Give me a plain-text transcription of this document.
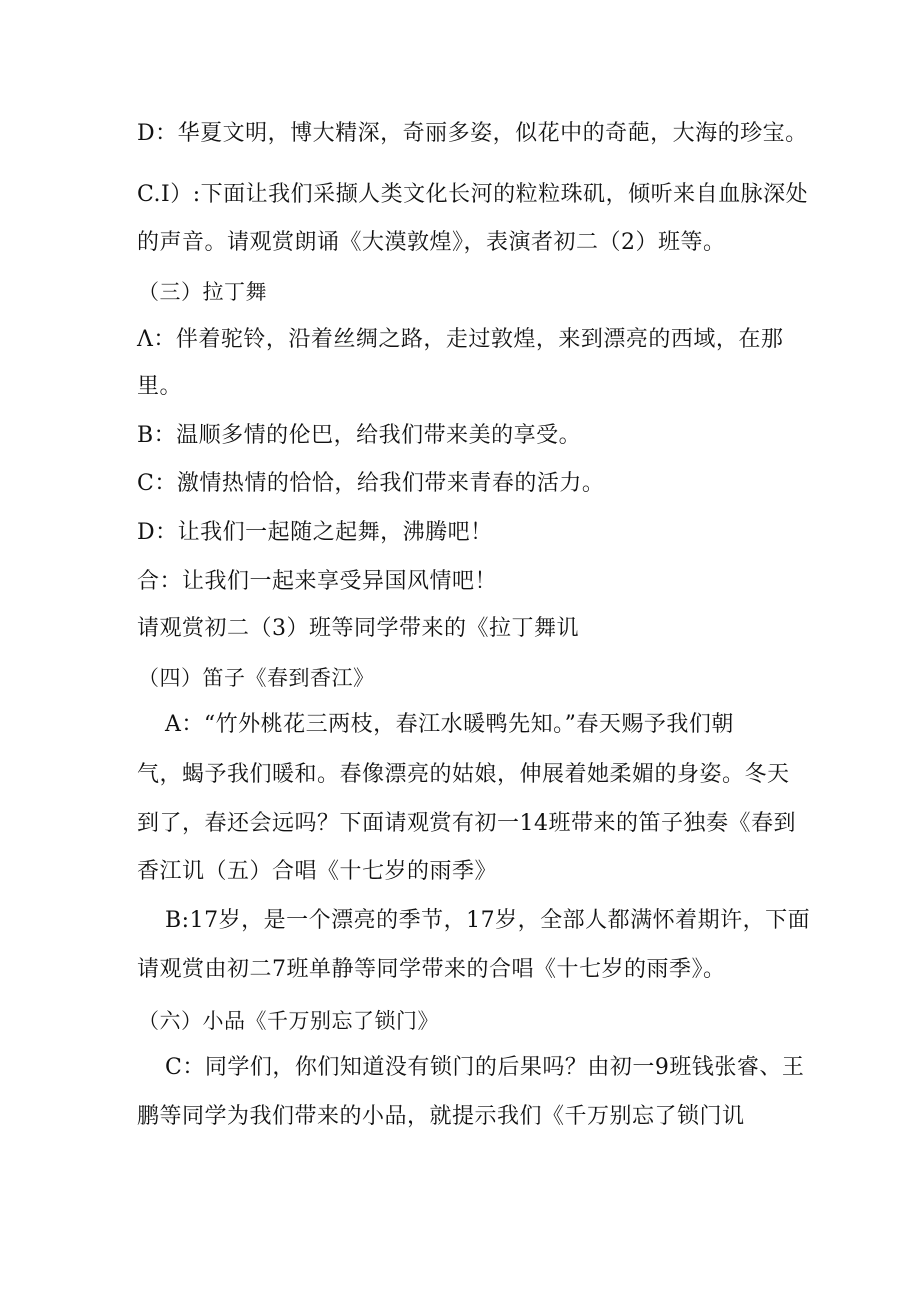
D：华夏文明，博大精深，奇丽多姿，似花中的奇葩，大海的珍宝。
C.I）:下面让我们采撷人类文化长河的粒粒珠矶，倾听来自血脉深处
的声音。请观赏朗诵《大漠敦煌》，表演者初二（2）班等。
（三）拉丁舞
Λ：伴着驼铃，沿着丝绸之路，走过敦煌，来到漂亮的西域，在那
里。
B：温顺多情的伦巴，给我们带来美的享受。
C：激情热情的恰恰，给我们带来青春的活力。
D：让我们一起随之起舞，沸腾吧！
合：让我们一起来享受异国风情吧！
请观赏初二（3）班等同学带来的《拉丁舞讥
（四）笛子《春到香江》
A：“竹外桃花三两枝，春江水暖鸭先知。”春天赐予我们朝
气，蝎予我们暖和。春像漂亮的姑娘，伸展着她柔媚的身姿。冬天
到了，春还会远吗？下面请观赏有初一14班带来的笛子独奏《春到
香江讥（五）合唱《十七岁的雨季》
B:17岁，是一个漂亮的季节，17岁，全部人都满怀着期许，下面
请观赏由初二7班单静等同学带来的合唱《十七岁的雨季》。
（六）小品《千万别忘了锁门》
C：同学们，你们知道没有锁门的后果吗？由初一9班钱张睿、王
鹏等同学为我们带来的小品，就提示我们《千万别忘了锁门讥
